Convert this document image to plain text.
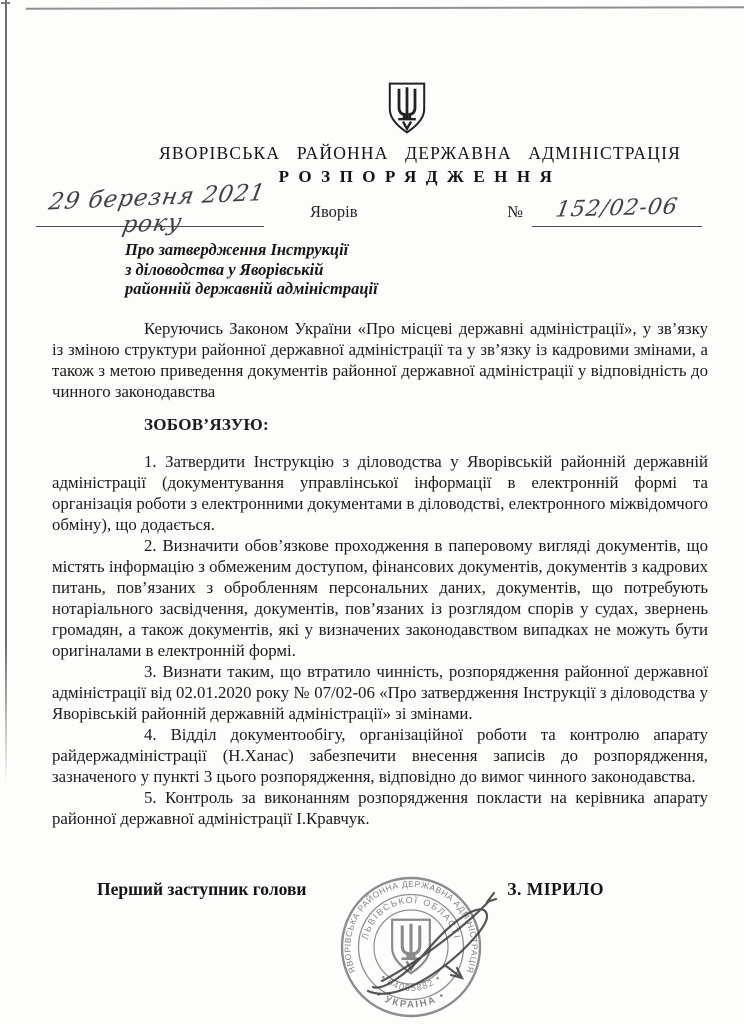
ЯВОРІВСЬКА РАЙОННА ДЕРЖАВНА АДМІНІСТРАЦІЯ
РОЗПОРЯДЖЕННЯ
29 березня 2021 року	Яворів	№	152/02-06
Про затвердження Інструкції
з діловодства у Яворівській
районній державній адміністрації

Керуючись Законом України «Про місцеві державні адміністрації», у зв’язку із зміною структури районної державної адміністрації та у зв’язку із кадровими змінами, а також з метою приведення документів районної державної адміністрації у відповідність до чинного законодавства

ЗОБОВ’ЯЗУЮ:

1. Затвердити Інструкцію з діловодства у Яворівській районній державній адміністрації (документування управлінської інформації в електронній формі та організація роботи з електронними документами в діловодстві, електронного міжвідомчого обміну), що додається.

2. Визначити обов’язкове проходження в паперовому вигляді документів, що містять інформацію з обмеженим доступом, фінансових документів, документів з кадрових питань, пов’язаних з обробленням персональних даних, документів, що потребують нотаріального засвідчення, документів, пов’язаних із розглядом спорів у судах, звернень громадян, а також документів, які у визначених законодавством випадках не можуть бути оригіналами в електронній формі.

3. Визнати таким, що втратило чинність, розпорядження районної державної адміністрації від 02.01.2020 року № 07/02-06 «Про затвердження Інструкції з діловодства у Яворівській районній державній адміністрації» зі змінами.

4. Відділ документообігу, організаційної роботи та контролю апарату райдержадміністрації (Н.Ханас) забезпечити внесення записів до розпорядження, зазначеного у пункті 3 цього розпорядження, відповідно до вимог чинного законодавства.

5. Контроль за виконанням розпорядження покласти на керівника апарату районної державної адміністрації І.Кравчук.

Перший заступник голови	З. МІРИЛО
ЯВОРІВСЬКА РАЙОННА ДЕРЖАВНА АДМІНІСТРАЦІЯ
• УКРАЇНА •
ЛЬВІВСЬКОЇ ОБЛАСТІ
• 04055882 •
